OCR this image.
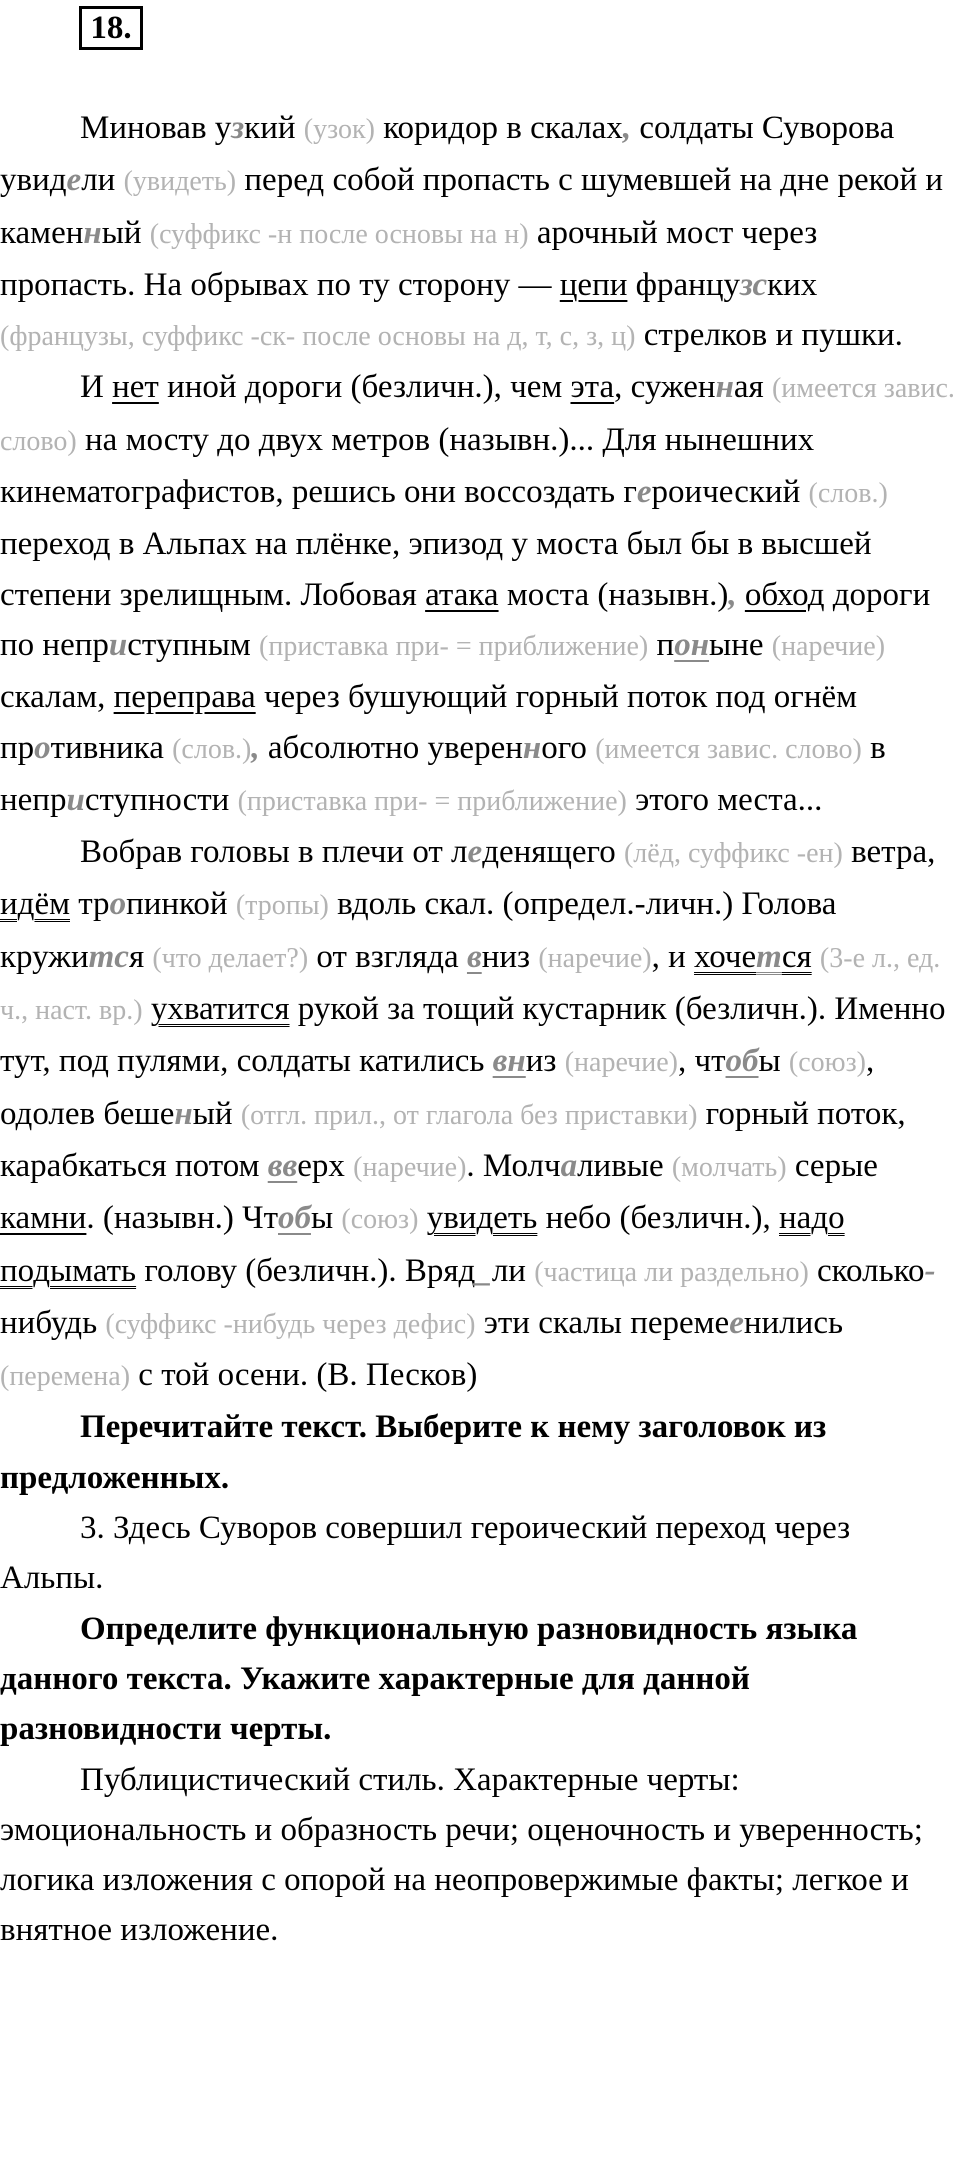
18.

Миновав узкий (узок) коридор в скалах, солдаты Суворова увидели (увидеть) перед собой пропасть с шумевшей на дне рекой и каменный (суффикс -н после основы на н) арочный мост через пропасть. На обрывах по ту сторону — цепи французских (французы, суффикс -ск- после основы на д, т, с, з, ц) стрелков и пушки.

И нет иной дороги (безличн.), чем эта, суженная (имеется завис. слово) на мосту до двух метров (назывн.)... Для нынешних кинематографистов, решись они воссоздать героический (слов.) переход в Альпах на плёнке, эпизод у моста был бы в высшей степени зрелищным. Лобовая атака моста (назывн.), обход дороги по неприступным (приставка при- = приближение) поныне (наречие) скалам, переправа через бушующий горный поток под огнём противника (слов.), абсолютно уверенного (имеется завис. слово) в неприступности (приставка при- = приближение) этого места...

Вобрав головы в плечи от леденящего (лёд, суффикс -ен) ветра, идём тропинкой (тропы) вдоль скал. (определ.-личн.) Голова кружится (что делает?) от взгляда вниз (наречие), и хочется (3-е л., ед. ч., наст. вр.) ухватится рукой за тощий кустарник (безличн.). Именно тут, под пулями, солдаты катились вниз (наречие), чтобы (союз), одолев бешеный (отгл. прил., от глагола без приставки) горный поток, карабкаться потом вверх (наречие). Молчаливые (молчать) серые камни. (назывн.) Чтобы (союз) увидеть небо (безличн.), надо подымать голову (безличн.). Вряд_ли (частица ли раздельно) сколько-нибудь (суффикс -нибудь через дефис) эти скалы перемеенились (перемена) с той осени. (В. Песков)

Перечитайте текст. Выберите к нему заголовок из предложенных.

3. Здесь Суворов совершил героический переход через Альпы.

Определите функциональную разновидность языка данного текста. Укажите характерные для данной разновидности черты.

Публицистический стиль. Характерные черты: эмоциональность и образность речи; оценочность и уверенность; логика изложения с опорой на неопровержимые факты; легкое и внятное изложение.
